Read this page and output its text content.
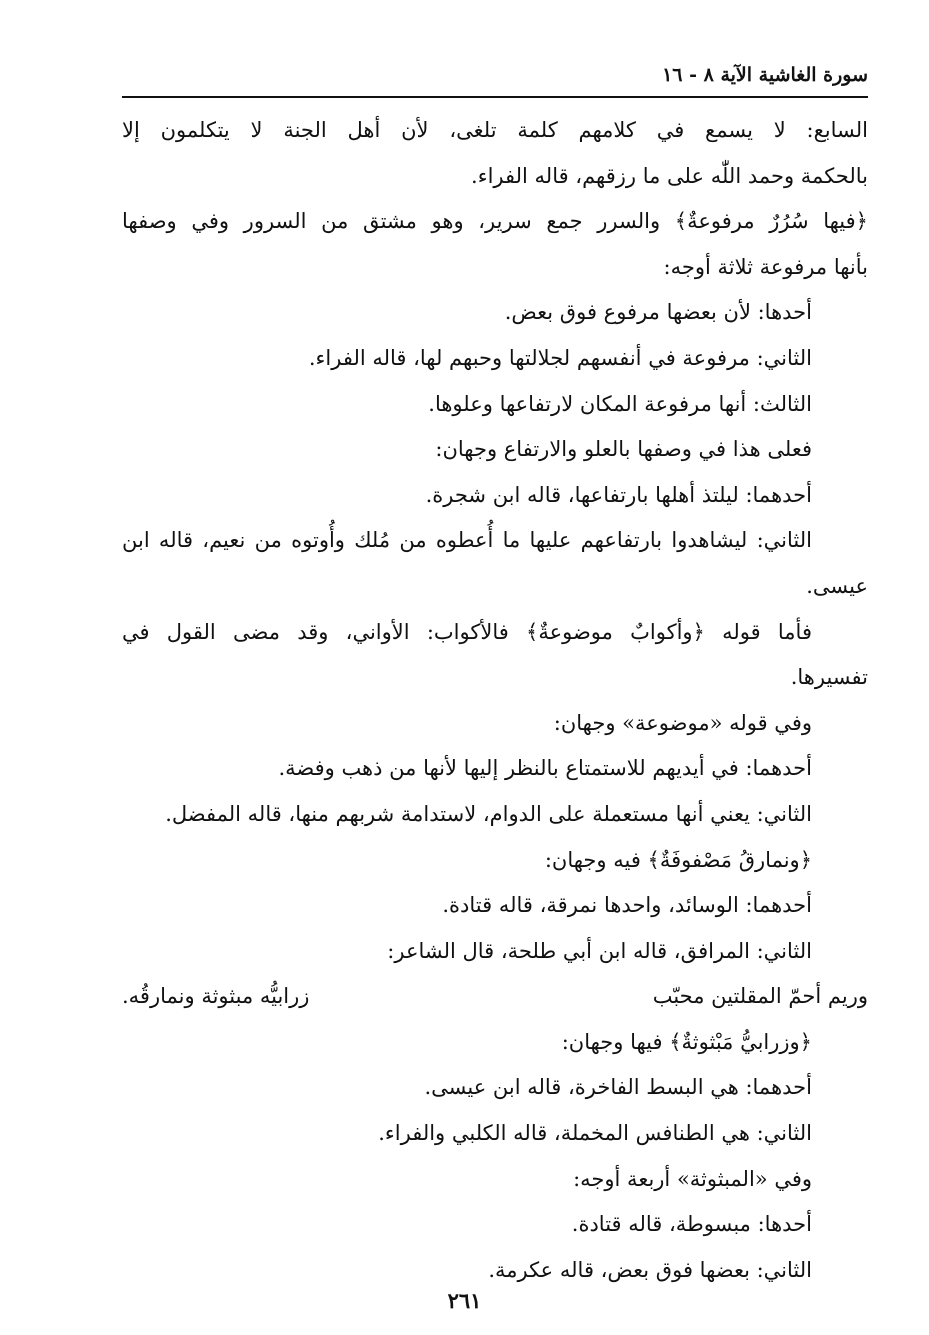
سورة الغاشية الآية ٨ - ١٦
السابع: لا يسمع في كلامهم كلمة تلغى، لأن أهل الجنة لا يتكلمون إلا
بالحكمة وحمد اللّٰه على ما رزقهم، قاله الفراء.
﴿فيها سُرُرٌ مرفوعةٌ﴾ والسرر جمع سرير، وهو مشتق من السرور وفي وصفها
بأنها مرفوعة ثلاثة أوجه:
أحدها: لأن بعضها مرفوع فوق بعض.
الثاني: مرفوعة في أنفسهم لجلالتها وحبهم لها، قاله الفراء.
الثالث: أنها مرفوعة المكان لارتفاعها وعلوها.
فعلى هذا في وصفها بالعلو والارتفاع وجهان:
أحدهما: ليلتذ أهلها بارتفاعها، قاله ابن شجرة.
الثاني: ليشاهدوا بارتفاعهم عليها ما أُعطوه من مُلك وأُوتوه من نعيم، قاله ابن
عيسى.
فأما قوله ﴿وأكوابٌ موضوعةٌ﴾ فالأكواب: الأواني، وقد مضى القول في
تفسيرها.
وفي قوله «موضوعة» وجهان:
أحدهما: في أيديهم للاستمتاع بالنظر إليها لأنها من ذهب وفضة.
الثاني: يعني أنها مستعملة على الدوام، لاستدامة شربهم منها، قاله المفضل.
﴿ونمارقُ مَصْفوفَةٌ﴾ فيه وجهان:
أحدهما: الوسائد، واحدها نمرقة، قاله قتادة.
الثاني: المرافق، قاله ابن أبي طلحة، قال الشاعر:
وريم أحمّ المقلتين محبّب
زرابيُّه مبثوثة ونمارقُه.
﴿وزرابيُّ مَبْثوثةٌ﴾ فيها وجهان:
أحدهما: هي البسط الفاخرة، قاله ابن عيسى.
الثاني: هي الطنافس المخملة، قاله الكلبي والفراء.
وفي «المبثوثة» أربعة أوجه:
أحدها: مبسوطة، قاله قتادة.
الثاني: بعضها فوق بعض، قاله عكرمة.
٢٦١
